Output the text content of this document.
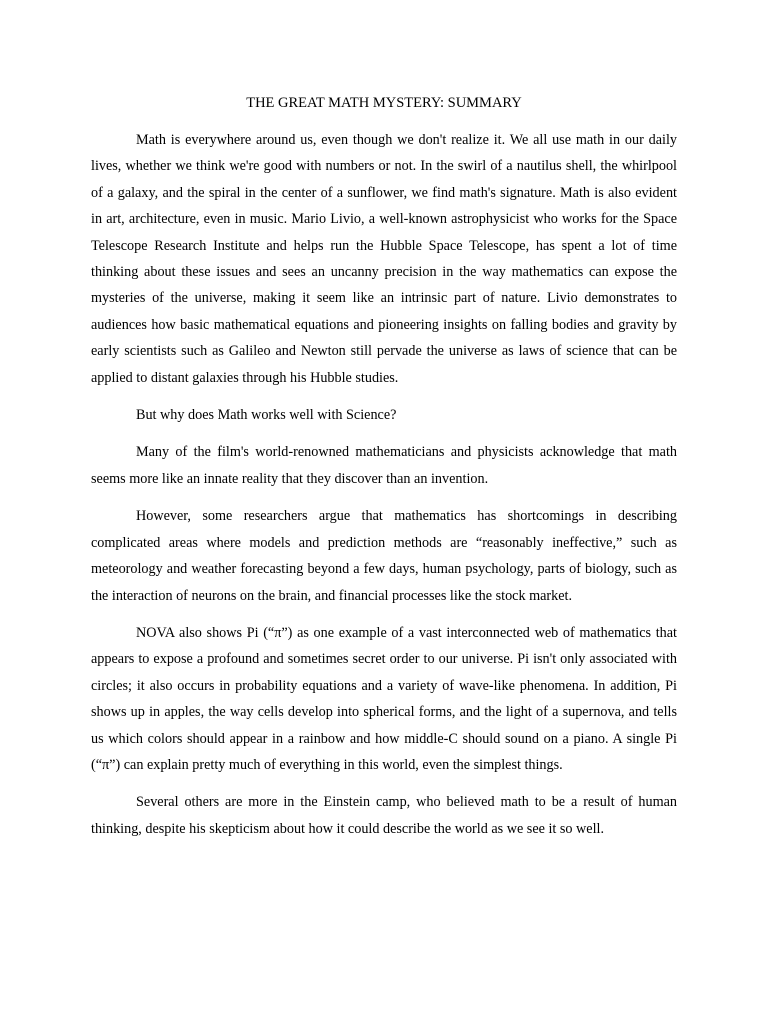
THE GREAT MATH MYSTERY: SUMMARY

Math is everywhere around us, even though we don't realize it. We all use math in our daily lives, whether we think we're good with numbers or not. In the swirl of a nautilus shell, the whirlpool of a galaxy, and the spiral in the center of a sunflower, we find math's signature. Math is also evident in art, architecture, even in music. Mario Livio, a well-known astrophysicist who works for the Space Telescope Research Institute and helps run the Hubble Space Telescope, has spent a lot of time thinking about these issues and sees an uncanny precision in the way mathematics can expose the mysteries of the universe, making it seem like an intrinsic part of nature. Livio demonstrates to audiences how basic mathematical equations and pioneering insights on falling bodies and gravity by early scientists such as Galileo and Newton still pervade the universe as laws of science that can be applied to distant galaxies through his Hubble studies.

But why does Math works well with Science?

Many of the film's world-renowned mathematicians and physicists acknowledge that math seems more like an innate reality that they discover than an invention.

However, some researchers argue that mathematics has shortcomings in describing complicated areas where models and prediction methods are “reasonably ineffective,” such as meteorology and weather forecasting beyond a few days, human psychology, parts of biology, such as the interaction of neurons on the brain, and financial processes like the stock market.

NOVA also shows Pi (“π”) as one example of a vast interconnected web of mathematics that appears to expose a profound and sometimes secret order to our universe. Pi isn't only associated with circles; it also occurs in probability equations and a variety of wave-like phenomena. In addition, Pi shows up in apples, the way cells develop into spherical forms, and the light of a supernova, and tells us which colors should appear in a rainbow and how middle-C should sound on a piano. A single Pi (“π”) can explain pretty much of everything in this world, even the simplest things.

Several others are more in the Einstein camp, who believed math to be a result of human thinking, despite his skepticism about how it could describe the world as we see it so well.
